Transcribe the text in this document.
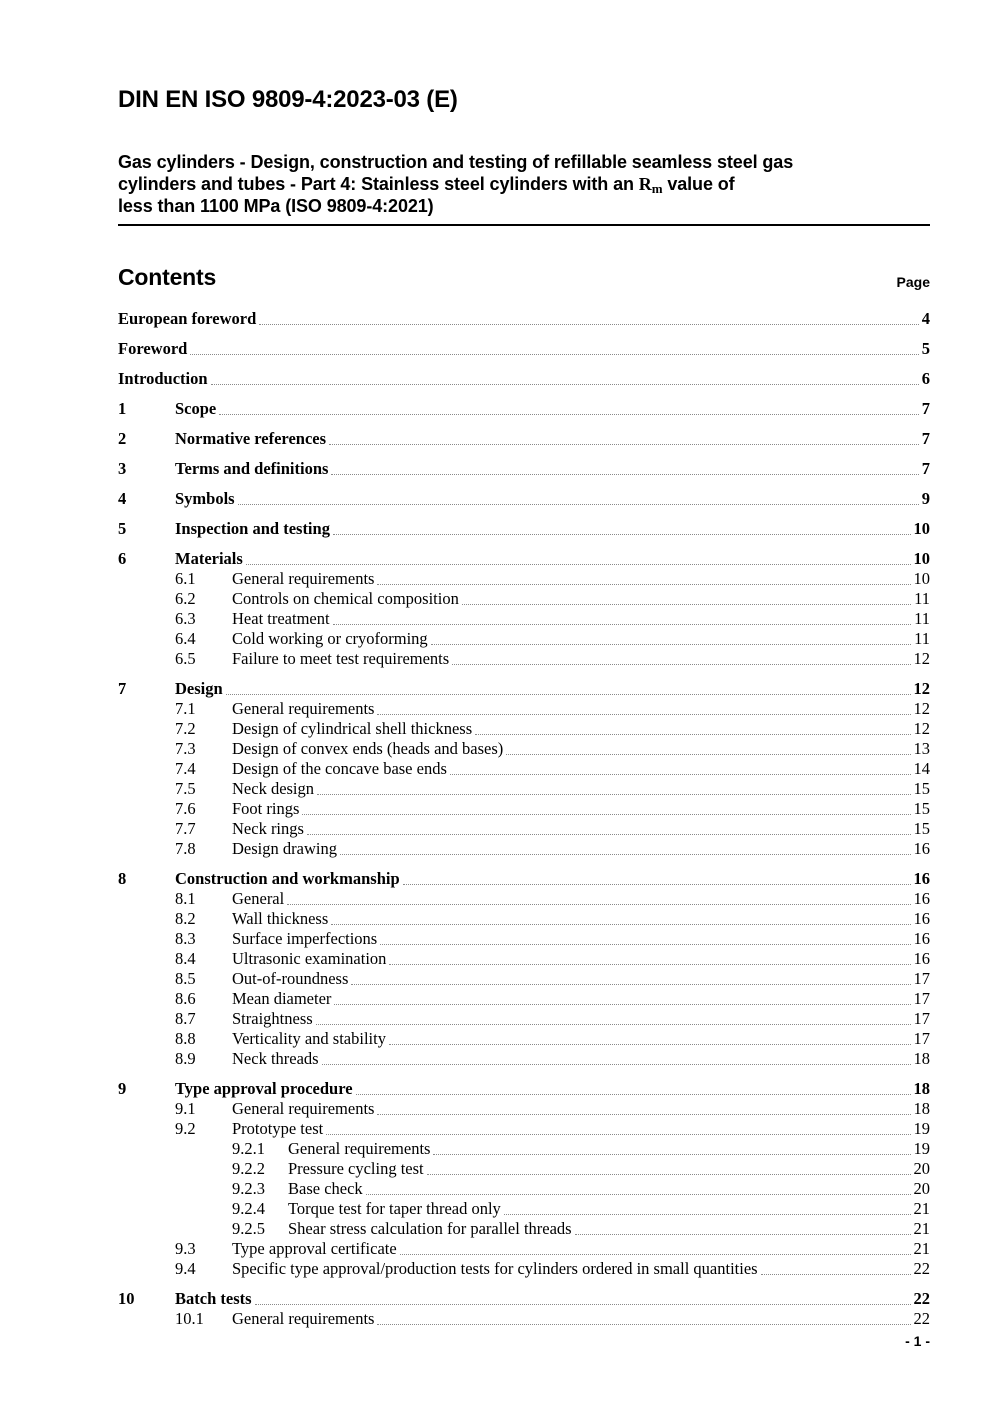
DIN EN ISO 9809-4:2023-03 (E)
Gas cylinders - Design, construction and testing of refillable seamless steel gas
cylinders and tubes - Part 4: Stainless steel cylinders with an $R_m$ value of
less than 1100 MPa (ISO 9809-4:2021)
Contents	Page
European foreword	4
Foreword	5
Introduction	6
1	Scope	7
2	Normative references	7
3	Terms and definitions	7
4	Symbols	9
5	Inspection and testing	10
6	Materials	10
6.1	General requirements	10
6.2	Controls on chemical composition	11
6.3	Heat treatment	11
6.4	Cold working or cryoforming	11
6.5	Failure to meet test requirements	12
7	Design	12
7.1	General requirements	12
7.2	Design of cylindrical shell thickness	12
7.3	Design of convex ends (heads and bases)	13
7.4	Design of the concave base ends	14
7.5	Neck design	15
7.6	Foot rings	15
7.7	Neck rings	15
7.8	Design drawing	16
8	Construction and workmanship	16
8.1	General	16
8.2	Wall thickness	16
8.3	Surface imperfections	16
8.4	Ultrasonic examination	16
8.5	Out-of-roundness	17
8.6	Mean diameter	17
8.7	Straightness	17
8.8	Verticality and stability	17
8.9	Neck threads	18
9	Type approval procedure	18
9.1	General requirements	18
9.2	Prototype test	19
9.2.1	General requirements	19
9.2.2	Pressure cycling test	20
9.2.3	Base check	20
9.2.4	Torque test for taper thread only	21
9.2.5	Shear stress calculation for parallel threads	21
9.3	Type approval certificate	21
9.4	Specific type approval/production tests for cylinders ordered in small quantities	22
10	Batch tests	22
10.1	General requirements	22
- 1 -
